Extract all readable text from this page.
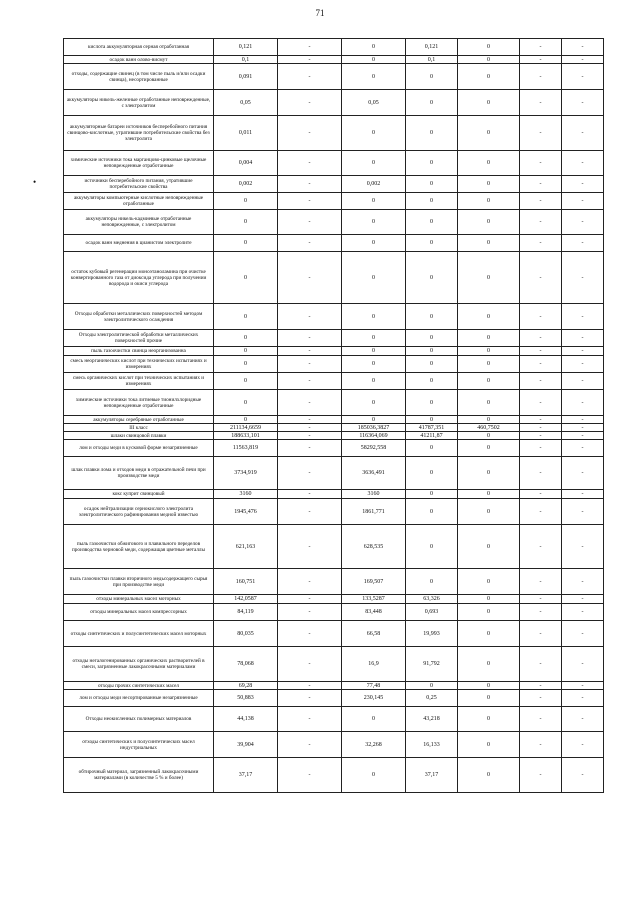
71
•
кислота аккумуляторная серная отработанная	0,121	-	0	0,121	0	-	-
осадок ванн олово-висмут	0,1	-	0	0,1	0	-	-
отходы, содержащие свинец (в том числе пыль и/или осадки свинца), несортированные	0,091	-	0	0	0	-	-
аккумуляторы никель-железные отработанные неповрежденные, с электролитом	0,05	-	0,05	0	0	-	-
аккумуляторные батареи источников бесперебойного питания свинцово-кислотные, утратившие потребительские свойства без электролита	0,011	-	0	0	0	-	-
химические источники тока марганцово-цинковые щелочные неповрежденные отработанные	0,004	-	0	0	0	-	-
источники бесперебойного питания, утратившие потребительские свойства	0,002	-	0,002	0	0	-	-
аккумуляторы компьютерные кислотные неповрежденные отработанные	0	-	0	0	0	-	-
аккумуляторы никель-кадмиевые отработанные неповрежденные, с электролитом	0	-	0	0	0	-	-
осадок ванн меднения в цианистом электролите	0	-	0	0	0	-	-
остаток кубовый регенерации моноэтаноламина при очистке конвертированного газа от диоксида углерода при получении водорода и окиси углерода	0	-	0	0	0	-	-
Отходы обработки металлических поверхностей методом электролитического осаждения	0	-	0	0	0	-	-
Отходы электролитической обработки металлических поверхностей прочие	0	-	0	0	0	-	-
пыль газоочистки свинца неорганизованна	0	-	0	0	0	-	-
смесь неорганических кислот при технических испытаниях и измерениях	0	-	0	0	0	-	-
смесь органических кислот при технических испытаниях и измерениях	0	-	0	0	0	-	-
химические источники тока литиевые тионилхлоридные неповрежденные отработанные	0	-	0	0	0	-	-
аккумуляторы серебряные отработанные	0	-	0	0	0	-	-
III класс	211134,6659	-	185036,3827	41787,351	460,7502	-	-
шлаки свинцовой плавки	188633,101	-	116364,069	41211,87	0	-	-
лом и отходы меди в кусковой форме незагрязненные	11563,819	-	58292,558	0	0	-	-
шлак плавки лома и отходов меди в отражательной печи при производстве меди	3734,919	-	3636,491	0	0	-	-
кокс куприт свинцовый	3160	-	3160	0	0	-	-
осадок нейтрализации сернокислого электролита электролитического рафинирования медной известью	1945,476	-	1861,771	0	0	-	-
пыль газоочистки обжигового и плавильного переделов производства черновой меди, содержащая цветные металлы	621,163	-	628,535	0	0	-	-
пыль газоочистки плавки вторичного медьсодержащего сырья при производстве меди	160,751	-	169,507	0	0	-	-
отходы минеральных масел моторных	142,0587	-	133,5287	63,326	0	-	-
отходы минеральных масел компрессорных	84,119	-	83,448	0,693	0	-	-
отходы синтетических и полусинтетических масел моторных	80,035	-	66,58	19,993	0	-	-
отходы негалогенированных органических растворителей в смеси, загрязненные лакокрасочными материалами	78,068	-	16,9	91,792	0	-	-
отходы прочих синтетических масел	69,28	-	77,48	0	0	-	-
лом и отходы меди несортированные незагрязненные	50,883	-	230,145	0,25	0	-	-
Отходы неокисленных полимерных материалов	44,138	-	0	43,218	0	-	-
отходы синтетических и полусинтетических масел индустриальных	39,904	-	32,268	16,133	0	-	-
обтирочный материал, загрязненный лакокрасочными материалами (в количестве 5 % и более)	37,17	-	0	37,17	0	-	-
